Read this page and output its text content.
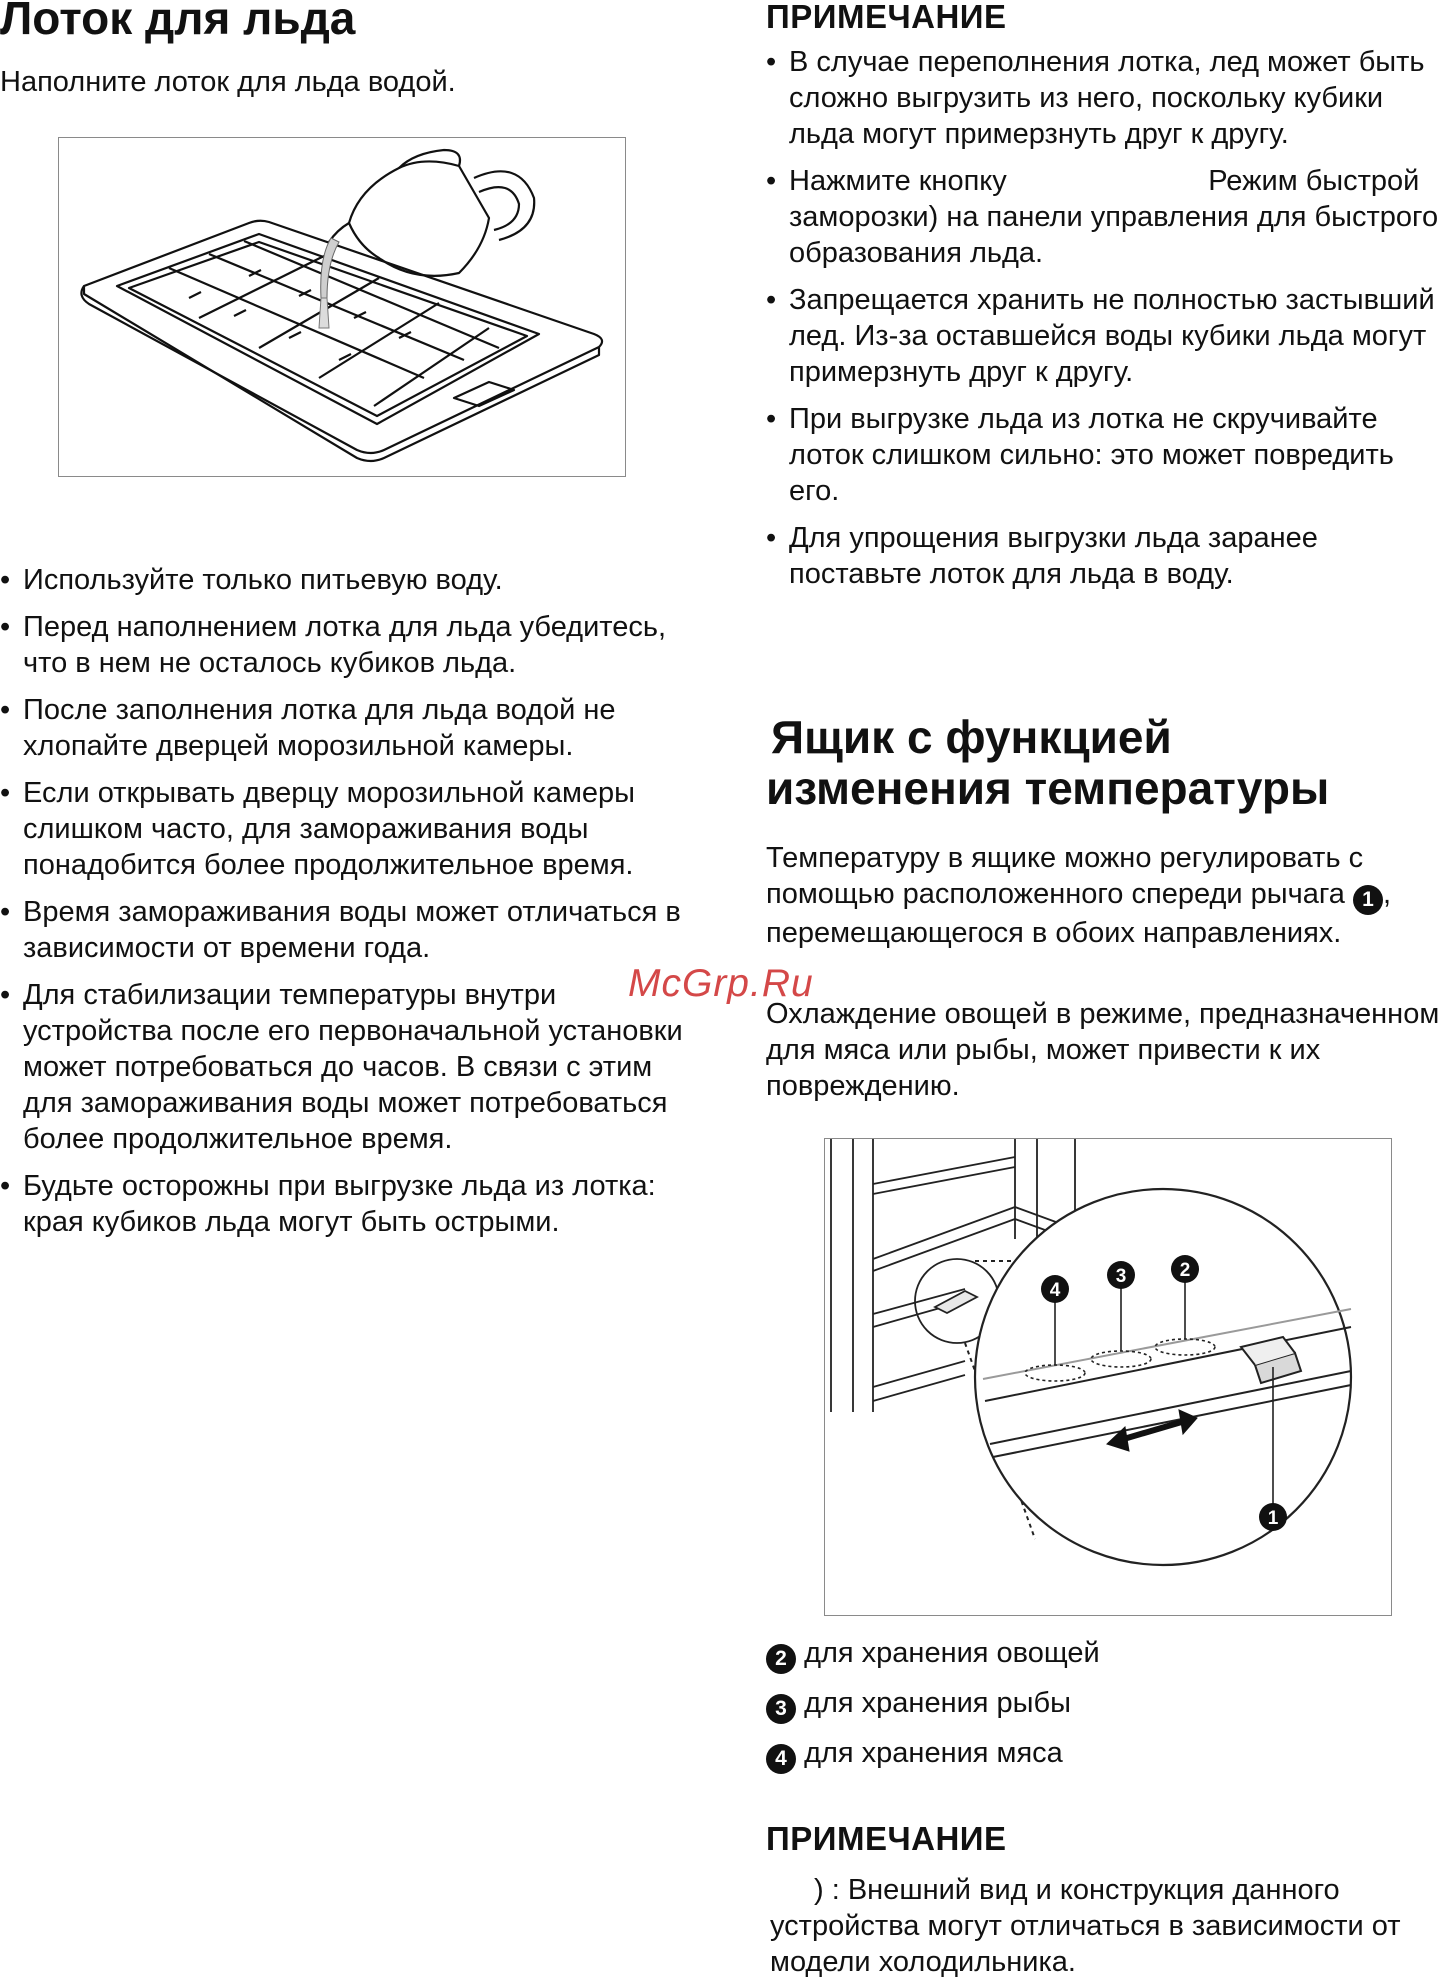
Лоток для льда
Наполните лоток для льда водой.
• Используйте только питьевую воду.
• Перед наполнением лотка для льда убедитесь, что в нем не осталось кубиков льда.
• После заполнения лотка для льда водой не хлопайте дверцей морозильной камеры.
• Если открывать дверцу морозильной камеры слишком часто, для замораживания воды понадобится более продолжительное время.
• Время замораживания воды может отличаться в зависимости от времени года.
• Для стабилизации температуры внутри устройства после его первоначальной установки может потребоваться до часов. В связи с этим для замораживания воды может потребоваться более продолжительное время.
• Будьте осторожны при выгрузке льда из лотка: края кубиков льда могут быть острыми.
ПРИМЕЧАНИЕ
• В случае переполнения лотка, лед может быть сложно выгрузить из него, поскольку кубики льда могут примерзнуть друг к другу.
• Нажмите кнопку                         Режим быстрой заморозки) на панели управления для быстрого образования льда.
• Запрещается хранить не полностью застывший лед. Из-за оставшейся воды кубики льда могут примерзнуть друг к другу.
• При выгрузке льда из лотка не скручивайте лоток слишком сильно: это может повредить его.
• Для упрощения выгрузки льда заранее поставьте лоток для льда в воду.
Ящик с функцией
изменения температуры

Температуру в ящике можно регулировать с помощью расположенного спереди рычага 1 , перемещающегося в обоих направлениях.

Охлаждение овощей в режиме, предназначенном для мяса или рыбы, может привести к их повреждению.

4
3	2
1
2 для хранения овощей
3 для хранения рыбы
4 для хранения мяса
ПРИМЕЧАНИЕ

) : Внешний вид и конструкция данного устройства могут отличаться в зависимости от модели холодильника.

McGrp.Ru
